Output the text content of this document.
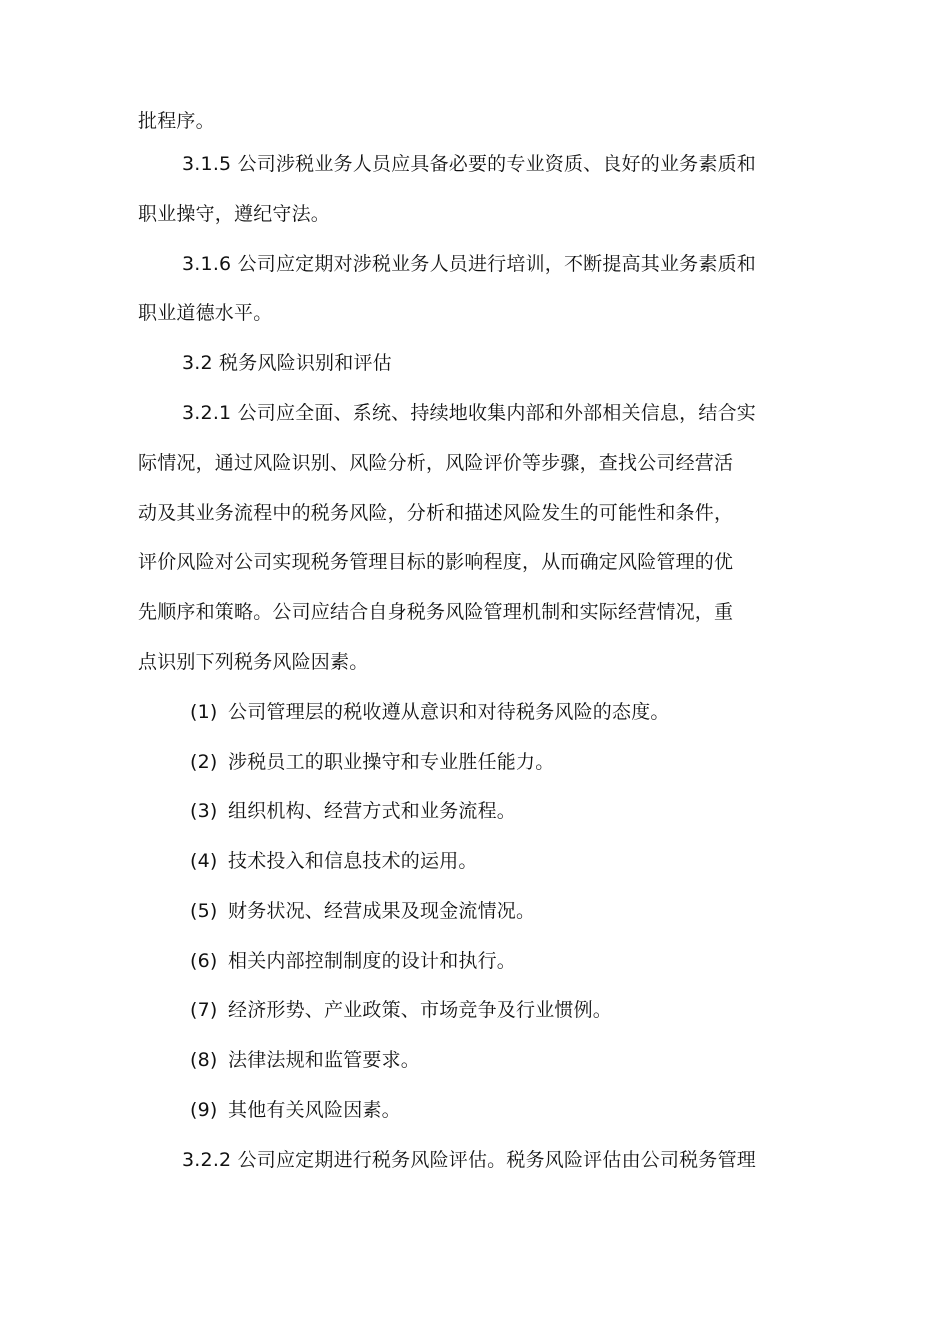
批程序。
3.1.5 公司涉税业务人员应具备必要的专业资质、良好的业务素质和
职业操守，遵纪守法。
3.1.6 公司应定期对涉税业务人员进行培训，不断提高其业务素质和
职业道德水平。
3.2 税务风险识别和评估
3.2.1 公司应全面、系统、持续地收集内部和外部相关信息，结合实
际情况，通过风险识别、风险分析，风险评价等步骤，查找公司经营活
动及其业务流程中的税务风险，分析和描述风险发生的可能性和条件，
评价风险对公司实现税务管理目标的影响程度，从而确定风险管理的优
先顺序和策略。公司应结合自身税务风险管理机制和实际经营情况，重
点识别下列税务风险因素。
(1) 公司管理层的税收遵从意识和对待税务风险的态度。
(2) 涉税员工的职业操守和专业胜任能力。
(3) 组织机构、经营方式和业务流程。
(4) 技术投入和信息技术的运用。
(5) 财务状况、经营成果及现金流情况。
(6) 相关内部控制制度的设计和执行。
(7) 经济形势、产业政策、市场竞争及行业惯例。
(8) 法律法规和监管要求。
(9) 其他有关风险因素。
3.2.2 公司应定期进行税务风险评估。税务风险评估由公司税务管理
